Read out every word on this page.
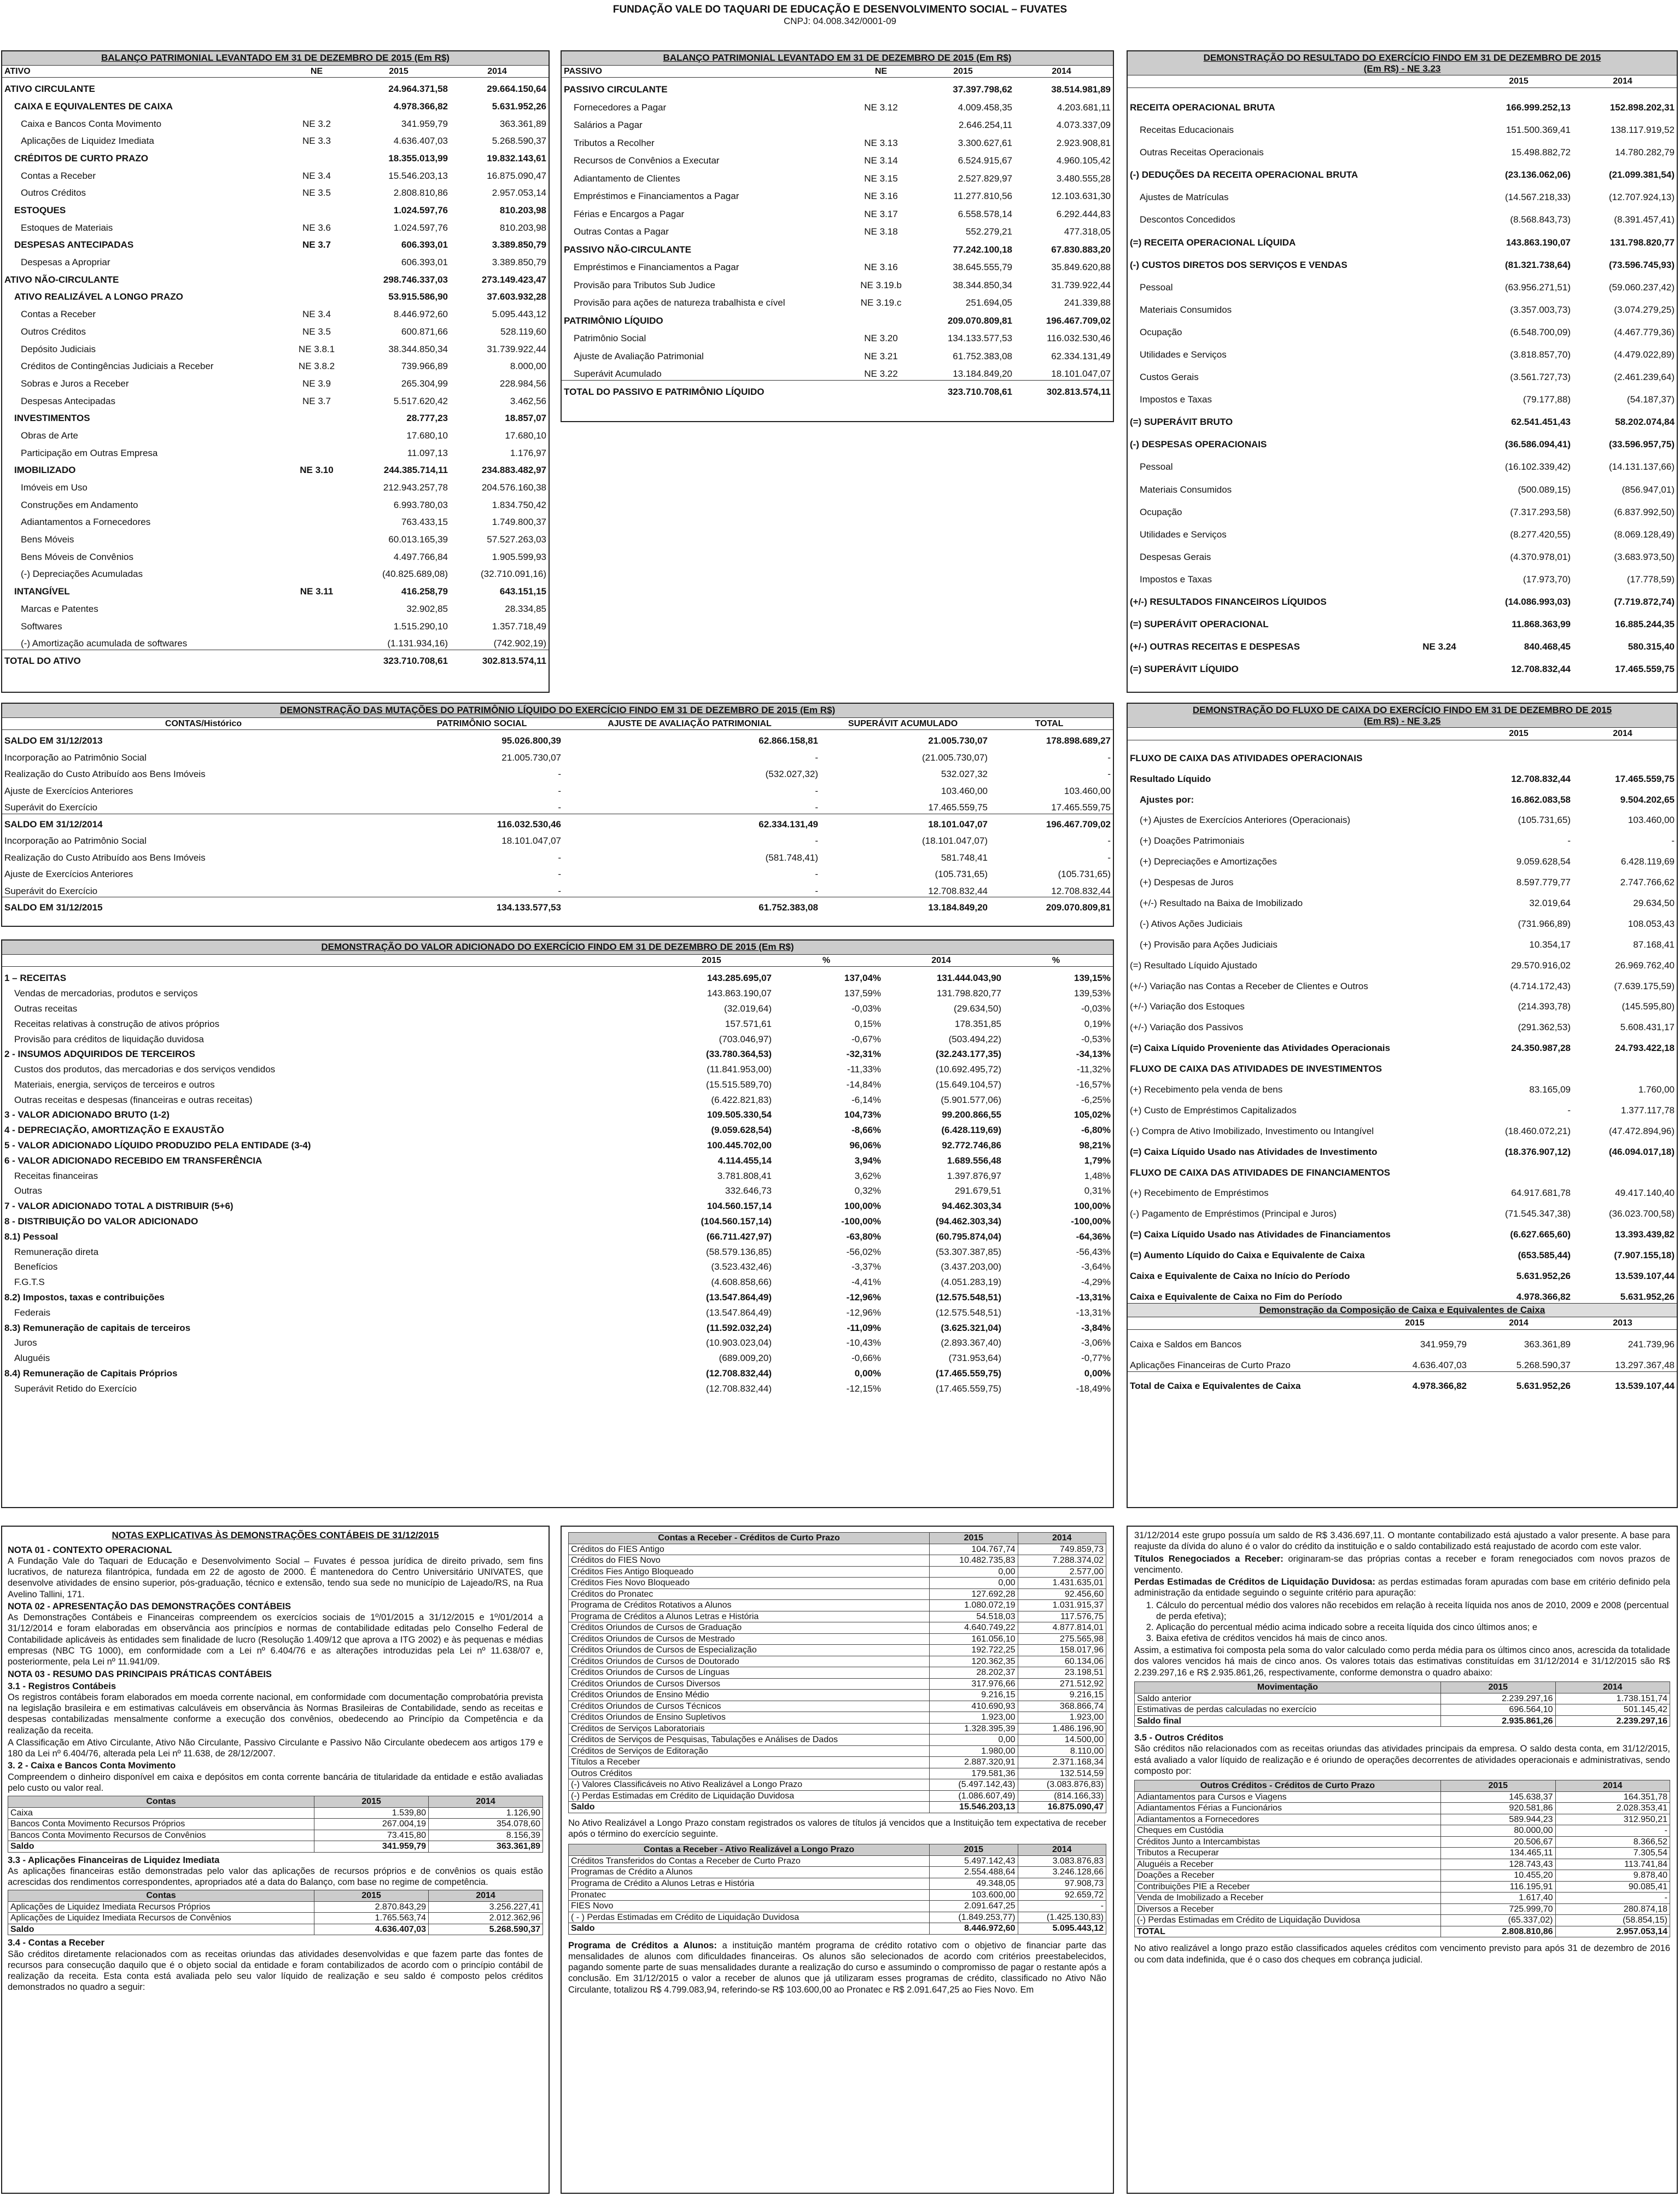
FUNDAÇÃO VALE DO TAQUARI DE EDUCAÇÃO E DESENVOLVIMENTO SOCIAL – FUVATES
CNPJ: 04.008.342/0001-09
BALANÇO PATRIMONIAL LEVANTADO EM 31 DE DEZEMBRO DE 2015 (Em R$)
ATIVO	NE	2015	2014
ATIVO CIRCULANTE	24.964.371,58	29.664.150,64
CAIXA E EQUIVALENTES DE CAIXA	4.978.366,82	5.631.952,26
Caixa e Bancos Conta Movimento	NE 3.2	341.959,79	363.361,89
Aplicações de Liquidez Imediata	NE 3.3	4.636.407,03	5.268.590,37
CRÉDITOS DE CURTO PRAZO	18.355.013,99	19.832.143,61
Contas a Receber	NE 3.4	15.546.203,13	16.875.090,47
Outros Créditos	NE 3.5	2.808.810,86	2.957.053,14
ESTOQUES	1.024.597,76	810.203,98
Estoques de Materiais	NE 3.6	1.024.597,76	810.203,98
DESPESAS ANTECIPADAS	NE 3.7	606.393,01	3.389.850,79
Despesas a Apropriar	606.393,01	3.389.850,79
ATIVO NÃO-CIRCULANTE	298.746.337,03	273.149.423,47
ATIVO REALIZÁVEL A LONGO PRAZO	53.915.586,90	37.603.932,28
Contas a Receber	NE 3.4	8.446.972,60	5.095.443,12
Outros Créditos	NE 3.5	600.871,66	528.119,60
Depósito Judiciais	NE 3.8.1	38.344.850,34	31.739.922,44
Créditos de Contingências Judiciais a Receber	NE 3.8.2	739.966,89	8.000,00
Sobras e Juros a Receber	NE 3.9	265.304,99	228.984,56
Despesas Antecipadas	NE 3.7	5.517.620,42	3.462,56
INVESTIMENTOS	28.777,23	18.857,07
Obras de Arte	17.680,10	17.680,10
Participação em Outras Empresa	11.097,13	1.176,97
IMOBILIZADO	NE 3.10	244.385.714,11	234.883.482,97
Imóveis em Uso	212.943.257,78	204.576.160,38
Construções em Andamento	6.993.780,03	1.834.750,42
Adiantamentos a Fornecedores	763.433,15	1.749.800,37
Bens Móveis	60.013.165,39	57.527.263,03
Bens Móveis de Convênios	4.497.766,84	1.905.599,93
(-) Depreciações Acumuladas	(40.825.689,08)	(32.710.091,16)
INTANGÍVEL	NE 3.11	416.258,79	643.151,15
Marcas e Patentes	32.902,85	28.334,85
Softwares	1.515.290,10	1.357.718,49
(-) Amortização acumulada de softwares	(1.131.934,16)	(742.902,19)
TOTAL DO ATIVO	323.710.708,61	302.813.574,11
BALANÇO PATRIMONIAL LEVANTADO EM 31 DE DEZEMBRO DE 2015 (Em R$)
PASSIVO	NE	2015	2014
PASSIVO CIRCULANTE	37.397.798,62	38.514.981,89
Fornecedores a Pagar	NE 3.12	4.009.458,35	4.203.681,11
Salários a Pagar	2.646.254,11	4.073.337,09
Tributos a Recolher	NE 3.13	3.300.627,61	2.923.908,81
Recursos de Convênios a Executar	NE 3.14	6.524.915,67	4.960.105,42
Adiantamento de Clientes	NE 3.15	2.527.829,97	3.480.555,28
Empréstimos e Financiamentos a Pagar	NE 3.16	11.277.810,56	12.103.631,30
Férias e Encargos a Pagar	NE 3.17	6.558.578,14	6.292.444,83
Outras Contas a Pagar	NE 3.18	552.279,21	477.318,05
PASSIVO NÃO-CIRCULANTE	77.242.100,18	67.830.883,20
Empréstimos e Financiamentos a Pagar	NE 3.16	38.645.555,79	35.849.620,88
Provisão para Tributos Sub Judice	NE 3.19.b	38.344.850,34	31.739.922,44
Provisão para ações de natureza trabalhista e cível	NE 3.19.c	251.694,05	241.339,88
PATRIMÔNIO LÍQUIDO	209.070.809,81	196.467.709,02
Patrimônio Social	NE 3.20	134.133.577,53	116.032.530,46
Ajuste de Avaliação Patrimonial	NE 3.21	61.752.383,08	62.334.131,49
Superávit Acumulado	NE 3.22	13.184.849,20	18.101.047,07
TOTAL DO PASSIVO E PATRIMÔNIO LÍQUIDO	323.710.708,61	302.813.574,11
DEMONSTRAÇÃO DO RESULTADO DO EXERCÍCIO FINDO EM 31 DE DEZEMBRO DE 2015
(Em R$) - NE 3.23
2015	2014
RECEITA OPERACIONAL BRUTA	166.999.252,13	152.898.202,31
Receitas Educacionais	151.500.369,41	138.117.919,52
Outras Receitas Operacionais	15.498.882,72	14.780.282,79
(-) DEDUÇÕES DA RECEITA OPERACIONAL BRUTA	(23.136.062,06)	(21.099.381,54)
Ajustes de Matrículas	(14.567.218,33)	(12.707.924,13)
Descontos Concedidos	(8.568.843,73)	(8.391.457,41)
(=) RECEITA OPERACIONAL LÍQUIDA	143.863.190,07	131.798.820,77
(-) CUSTOS DIRETOS DOS SERVIÇOS E VENDAS	(81.321.738,64)	(73.596.745,93)
Pessoal	(63.956.271,51)	(59.060.237,42)
Materiais Consumidos	(3.357.003,73)	(3.074.279,25)
Ocupação	(6.548.700,09)	(4.467.779,36)
Utilidades e Serviços	(3.818.857,70)	(4.479.022,89)
Custos Gerais	(3.561.727,73)	(2.461.239,64)
Impostos e Taxas	(79.177,88)	(54.187,37)
(=) SUPERÁVIT BRUTO	62.541.451,43	58.202.074,84
(-) DESPESAS OPERACIONAIS	(36.586.094,41)	(33.596.957,75)
Pessoal	(16.102.339,42)	(14.131.137,66)
Materiais Consumidos	(500.089,15)	(856.947,01)
Ocupação	(7.317.293,58)	(6.837.992,50)
Utilidades e Serviços	(8.277.420,55)	(8.069.128,49)
Despesas Gerais	(4.370.978,01)	(3.683.973,50)
Impostos e Taxas	(17.973,70)	(17.778,59)
(+/-) RESULTADOS FINANCEIROS LÍQUIDOS	(14.086.993,03)	(7.719.872,74)
(=) SUPERÁVIT OPERACIONAL	11.868.363,99	16.885.244,35
(+/-) OUTRAS RECEITAS E DESPESAS	NE 3.24	840.468,45	580.315,40
(=) SUPERÁVIT LÍQUIDO	12.708.832,44	17.465.559,75
DEMONSTRAÇÃO DAS MUTAÇÕES DO PATRIMÔNIO LÍQUIDO DO EXERCÍCIO FINDO EM 31 DE DEZEMBRO DE 2015 (Em R$)
CONTAS/Histórico	PATRIMÔNIO SOCIAL	AJUSTE DE AVALIAÇÃO PATRIMONIAL	SUPERÁVIT ACUMULADO	TOTAL
SALDO EM 31/12/2013	95.026.800,39	62.866.158,81	21.005.730,07	178.898.689,27
Incorporação ao Patrimônio Social	21.005.730,07	-	(21.005.730,07)	-
Realização do Custo Atribuído aos Bens Imóveis	-	(532.027,32)	532.027,32	-
Ajuste de Exercícios Anteriores	-	-	103.460,00	103.460,00
Superávit do Exercício	-	-	17.465.559,75	17.465.559,75
SALDO EM 31/12/2014	116.032.530,46	62.334.131,49	18.101.047,07	196.467.709,02
Incorporação ao Patrimônio Social	18.101.047,07	-	(18.101.047,07)	-
Realização do Custo Atribuído aos Bens Imóveis	-	(581.748,41)	581.748,41	-
Ajuste de Exercícios Anteriores	-	-	(105.731,65)	(105.731,65)
Superávit do Exercício	-	-	12.708.832,44	12.708.832,44
SALDO EM 31/12/2015	134.133.577,53	61.752.383,08	13.184.849,20	209.070.809,81
DEMONSTRAÇÃO DO VALOR ADICIONADO DO EXERCÍCIO FINDO EM 31 DE DEZEMBRO DE 2015 (Em R$)
2015	%	2014	%
1 – RECEITAS	143.285.695,07	137,04%	131.444.043,90	139,15%
Vendas de mercadorias, produtos e serviços	143.863.190,07	137,59%	131.798.820,77	139,53%
Outras receitas	(32.019,64)	-0,03%	(29.634,50)	-0,03%
Receitas relativas à construção de ativos próprios	157.571,61	0,15%	178.351,85	0,19%
Provisão para créditos de liquidação duvidosa	(703.046,97)	-0,67%	(503.494,22)	-0,53%
2 - INSUMOS ADQUIRIDOS DE TERCEIROS	(33.780.364,53)	-32,31%	(32.243.177,35)	-34,13%
Custos dos produtos, das mercadorias e dos serviços vendidos	(11.841.953,00)	-11,33%	(10.692.495,72)	-11,32%
Materiais, energia, serviços de terceiros e outros	(15.515.589,70)	-14,84%	(15.649.104,57)	-16,57%
Outras receitas e despesas (financeiras e outras receitas)	(6.422.821,83)	-6,14%	(5.901.577,06)	-6,25%
3 - VALOR ADICIONADO BRUTO (1-2)	109.505.330,54	104,73%	99.200.866,55	105,02%
4 - DEPRECIAÇÃO, AMORTIZAÇÃO E EXAUSTÃO	(9.059.628,54)	-8,66%	(6.428.119,69)	-6,80%
5 - VALOR ADICIONADO LÍQUIDO PRODUZIDO PELA ENTIDADE (3-4)	100.445.702,00	96,06%	92.772.746,86	98,21%
6 - VALOR ADICIONADO RECEBIDO EM TRANSFERÊNCIA	4.114.455,14	3,94%	1.689.556,48	1,79%
Receitas financeiras	3.781.808,41	3,62%	1.397.876,97	1,48%
Outras	332.646,73	0,32%	291.679,51	0,31%
7 - VALOR ADICIONADO TOTAL A DISTRIBUIR (5+6)	104.560.157,14	100,00%	94.462.303,34	100,00%
8 - DISTRIBUIÇÃO DO VALOR ADICIONADO	(104.560.157,14)	-100,00%	(94.462.303,34)	-100,00%
8.1) Pessoal	(66.711.427,97)	-63,80%	(60.795.874,04)	-64,36%
Remuneração direta	(58.579.136,85)	-56,02%	(53.307.387,85)	-56,43%
Benefícios	(3.523.432,46)	-3,37%	(3.437.203,00)	-3,64%
F.G.T.S	(4.608.858,66)	-4,41%	(4.051.283,19)	-4,29%
8.2) Impostos, taxas e contribuições	(13.547.864,49)	-12,96%	(12.575.548,51)	-13,31%
Federais	(13.547.864,49)	-12,96%	(12.575.548,51)	-13,31%
8.3) Remuneração de capitais de terceiros	(11.592.032,24)	-11,09%	(3.625.321,04)	-3,84%
Juros	(10.903.023,04)	-10,43%	(2.893.367,40)	-3,06%
Aluguéis	(689.009,20)	-0,66%	(731.953,64)	-0,77%
8.4) Remuneração de Capitais Próprios	(12.708.832,44)	0,00%	(17.465.559,75)	0,00%
Superávit Retido do Exercício	(12.708.832,44)	-12,15%	(17.465.559,75)	-18,49%
DEMONSTRAÇÃO DO FLUXO DE CAIXA DO EXERCÍCIO FINDO EM 31 DE DEZEMBRO DE 2015
(Em R$) - NE 3.25
2015	2014
FLUXO DE CAIXA DAS ATIVIDADES OPERACIONAIS
Resultado Líquido	12.708.832,44	17.465.559,75
Ajustes por:	16.862.083,58	9.504.202,65
(+) Ajustes de Exercícios Anteriores (Operacionais)	(105.731,65)	103.460,00
(+) Doações Patrimoniais	-	-
(+) Depreciações e Amortizações	9.059.628,54	6.428.119,69
(+) Despesas de Juros	8.597.779,77	2.747.766,62
(+/-) Resultado na Baixa de Imobilizado	32.019,64	29.634,50
(-) Ativos Ações Judiciais	(731.966,89)	108.053,43
(+) Provisão para Ações Judiciais	10.354,17	87.168,41
(=) Resultado Líquido Ajustado	29.570.916,02	26.969.762,40
(+/-) Variação nas Contas a Receber de Clientes e Outros	(4.714.172,43)	(7.639.175,59)
(+/-) Variação dos Estoques	(214.393,78)	(145.595,80)
(+/-) Variação dos Passivos	(291.362,53)	5.608.431,17
(=) Caixa Líquido Proveniente das Atividades Operacionais	24.350.987,28	24.793.422,18
FLUXO DE CAIXA DAS ATIVIDADES DE INVESTIMENTOS
(+) Recebimento pela venda de bens	83.165,09	1.760,00
(+) Custo de Empréstimos Capitalizados	-	1.377.117,78
(-) Compra de Ativo Imobilizado, Investimento ou Intangível	(18.460.072,21)	(47.472.894,96)
(=) Caixa Líquido Usado nas Atividades de Investimento	(18.376.907,12)	(46.094.017,18)
FLUXO DE CAIXA DAS ATIVIDADES DE FINANCIAMENTOS
(+) Recebimento de Empréstimos	64.917.681,78	49.417.140,40
(-) Pagamento de Empréstimos (Principal e Juros)	(71.545.347,38)	(36.023.700,58)
(=) Caixa Líquido Usado nas Atividades de Financiamentos	(6.627.665,60)	13.393.439,82
(=) Aumento Líquido do Caixa e Equivalente de Caixa	(653.585,44)	(7.907.155,18)
Caixa e Equivalente de Caixa no Início do Período	5.631.952,26	13.539.107,44
Caixa e Equivalente de Caixa no Fim do Período	4.978.366,82	5.631.952,26
Demonstração da Composição de Caixa e Equivalentes de Caixa
2015	2014	2013
Caixa e Saldos em Bancos	341.959,79	363.361,89	241.739,96
Aplicações Financeiras de Curto Prazo	4.636.407,03	5.268.590,37	13.297.367,48
Total de Caixa e Equivalentes de Caixa	4.978.366,82	5.631.952,26	13.539.107,44
NOTAS EXPLICATIVAS ÀS DEMONSTRAÇÕES CONTÁBEIS DE 31/12/2015
NOTA 01 - CONTEXTO OPERACIONAL

A Fundação Vale do Taquari de Educação e Desenvolvimento Social – Fuvates é pessoa jurídica de direito privado, sem fins lucrativos, de natureza filantrópica, fundada em 22 de agosto de 2000. É mantenedora do Centro Universitário UNIVATES, que desenvolve atividades de ensino superior, pós-graduação, técnico e extensão, tendo sua sede no município de Lajeado/RS, na Rua Avelino Tallini, 171.

NOTA 02 - APRESENTAÇÃO DAS DEMONSTRAÇÕES CONTÁBEIS

As Demonstrações Contábeis e Financeiras compreendem os exercícios sociais de 1º/01/2015 a 31/12/2015 e 1º/01/2014 a 31/12/2014 e foram elaboradas em observância aos princípios e normas de contabilidade editadas pelo Conselho Federal de Contabilidade aplicáveis às entidades sem finalidade de lucro (Resolução 1.409/12 que aprova a ITG 2002) e às pequenas e médias empresas (NBC TG 1000), em conformidade com a Lei nº 6.404/76 e as alterações introduzidas pela Lei nº 11.638/07 e, posteriormente, pela Lei nº 11.941/09.

NOTA 03 - RESUMO DAS PRINCIPAIS PRÁTICAS CONTÁBEIS
3.1 - Registros Contábeis

Os registros contábeis foram elaborados em moeda corrente nacional, em conformidade com documentação comprobatória prevista na legislação brasileira e em estimativas calculáveis em observância às Normas Brasileiras de Contabilidade, sendo as receitas e despesas contabilizadas mensalmente conforme a execução dos convênios, obedecendo ao Princípio da Competência e da realização da receita.

A Classificação em Ativo Circulante, Ativo Não Circulante, Passivo Circulante e Passivo Não Circulante obedecem aos artigos 179 e 180 da Lei nº 6.404/76, alterada pela Lei nº 11.638, de 28/12/2007.

3. 2 - Caixa e Bancos Conta Movimento

Compreendem o dinheiro disponível em caixa e depósitos em conta corrente bancária de titularidade da entidade e estão avaliadas pelo custo ou valor real.

Contas	2015	2014
Caixa	1.539,80	1.126,90
Bancos Conta Movimento Recursos Próprios	267.004,19	354.078,60
Bancos Conta Movimento Recursos de Convênios	73.415,80	8.156,39
Saldo	341.959,79	363.361,89
3.3 - Aplicações Financeiras de Liquidez Imediata

As aplicações financeiras estão demonstradas pelo valor das aplicações de recursos próprios e de convênios os quais estão acrescidas dos rendimentos correspondentes, apropriados até a data do Balanço, com base no regime de competência.

Contas	2015	2014
Aplicações de Liquidez Imediata Recursos Próprios	2.870.843,29	3.256.227,41
Aplicações de Liquidez Imediata Recursos de Convênios	1.765.563,74	2.012.362,96
Saldo	4.636.407,03	5.268.590,37
3.4 - Contas a Receber

São créditos diretamente relacionados com as receitas oriundas das atividades desenvolvidas e que fazem parte das fontes de recursos para consecução daquilo que é o objeto social da entidade e foram contabilizados de acordo com o princípio contábil de realização da receita. Esta conta está avaliada pelo seu valor líquido de realização e seu saldo é composto pelos créditos demonstrados no quadro a seguir:

Contas a Receber - Créditos de Curto Prazo	2015	2014
Créditos do FIES Antigo	104.767,74	749.859,73
Créditos do FIES Novo	10.482.735,83	7.288.374,02
Créditos Fies Antigo Bloqueado	0,00	2.577,00
Créditos Fies Novo Bloqueado	0,00	1.431.635,01
Créditos do Pronatec	127.692,28	92.456,60
Programa de Créditos Rotativos a Alunos	1.080.072,19	1.031.915,37
Programa de Créditos a Alunos Letras e História	54.518,03	117.576,75
Créditos Oriundos de Cursos de Graduação	4.640.749,22	4.877.814,01
Créditos Oriundos de Cursos de Mestrado	161.056,10	275.565,98
Créditos Oriundos de Cursos de Especialização	192.722,25	158.017,96
Créditos Oriundos de Cursos de Doutorado	120.362,35	60.134,06
Créditos Oriundos de Cursos de Línguas	28.202,37	23.198,51
Créditos Oriundos de Cursos Diversos	317.976,66	271.512,92
Créditos Oriundos de Ensino Médio	9.216,15	9.216,15
Créditos Oriundos de Cursos Técnicos	410.690,93	368.866,74
Créditos Oriundos de Ensino Supletivos	1.923,00	1.923,00
Créditos de Serviços Laboratoriais	1.328.395,39	1.486.196,90
Créditos de Serviços de Pesquisas, Tabulações e Análises de Dados	0,00	14.500,00
Créditos de Serviços de Editoração	1.980,00	8.110,00
Títulos a Receber	2.887.320,91	2.371.168,34
Outros Créditos	179.581,36	132.514,59
(-) Valores Classificáveis no Ativo Realizável a Longo Prazo	(5.497.142,43)	(3.083.876,83)
(-) Perdas Estimadas em Crédito de Liquidação Duvidosa	(1.086.607,49)	(814.166,33)
Saldo	15.546.203,13	16.875.090,47

No Ativo Realizável a Longo Prazo constam registrados os valores de títulos já vencidos que a Instituição tem expectativa de receber após o término do exercício seguinte.

Contas a Receber - Ativo Realizável a Longo Prazo	2015	2014
Créditos Transferidos do Contas a Receber de Curto Prazo	5.497.142,43	3.083.876,83
Programas de Crédito a Alunos	2.554.488,64	3.246.128,66
Programa de Crédito a Alunos Letras e História	49.348,05	97.908,73
Pronatec	103.600,00	92.659,72
FIES Novo	2.091.647,25	-
( - ) Perdas Estimadas em Crédito de Liquidação Duvidosa	(1.849.253,77)	(1.425.130,83)
Saldo	8.446.972,60	5.095.443,12

Programa de Créditos a Alunos: a instituição mantém programa de crédito rotativo com o objetivo de financiar parte das mensalidades de alunos com dificuldades financeiras. Os alunos são selecionados de acordo com critérios preestabelecidos, pagando somente parte de suas mensalidades durante a realização do curso e assumindo o compromisso de pagar o restante após a conclusão. Em 31/12/2015 o valor a receber de alunos que já utilizaram esses programas de crédito, classificado no Ativo Não Circulante, totalizou R$ 4.799.083,94, referindo-se R$ 103.600,00 ao Pronatec e R$ 2.091.647,25 ao Fies Novo. Em

31/12/2014 este grupo possuía um saldo de R$ 3.436.697,11. O montante contabilizado está ajustado a valor presente. A base para reajuste da dívida do aluno é o valor do crédito da instituição e o saldo contabilizado está reajustado de acordo com este valor.

Títulos Renegociados a Receber: originaram-se das próprias contas a receber e foram renegociados com novos prazos de vencimento.

Perdas Estimadas de Créditos de Liquidação Duvidosa: as perdas estimadas foram apuradas com base em critério definido pela administração da entidade seguindo o seguinte critério para apuração:

1. Cálculo do percentual médio dos valores não recebidos em relação à receita líquida nos anos de 2010, 2009 e 2008 (percentual de perda efetiva);
2. Aplicação do percentual médio acima indicado sobre a receita líquida dos cinco últimos anos; e
3. Baixa efetiva de créditos vencidos há mais de cinco anos.

Assim, a estimativa foi composta pela soma do valor calculado como perda média para os últimos cinco anos, acrescida da totalidade dos valores vencidos há mais de cinco anos. Os valores totais das estimativas constituídas em 31/12/2014 e 31/12/2015 são R$ 2.239.297,16 e R$ 2.935.861,26, respectivamente, conforme demonstra o quadro abaixo:

Movimentação	2015	2014
Saldo anterior	2.239.297,16	1.738.151,74
Estimativas de perdas calculadas no exercício	696.564,10	501.145,42
Saldo final	2.935.861,26	2.239.297,16
3.5 - Outros Créditos

São créditos não relacionados com as receitas oriundas das atividades principais da empresa. O saldo desta conta, em 31/12/2015, está avaliado a valor líquido de realização e é oriundo de operações decorrentes de atividades operacionais e administrativas, sendo composto por:

Outros Créditos - Créditos de Curto Prazo	2015	2014
Adiantamentos para Cursos e Viagens	145.638,37	164.351,78
Adiantamentos Férias a Funcionários	920.581,86	2.028.353,41
Adiantamentos a Fornecedores	589.944,23	312.950,21
Cheques em Custódia	80.000,00	-
Créditos Junto a Intercambistas	20.506,67	8.366,52
Tributos a Recuperar	134.465,11	7.305,54
Aluguéis a Receber	128.743,43	113.741,84
Doações a Receber	10.455,20	9.878,40
Contribuições PIE a Receber	116.195,91	90.085,41
Venda de Imobilizado a Receber	1.617,40	-
Diversos a Receber	725.999,70	280.874,18
(-) Perdas Estimadas em Crédito de Liquidação Duvidosa	(65.337,02)	(58.854,15)
TOTAL	2.808.810,86	2.957.053,14

No ativo realizável a longo prazo estão classificados aqueles créditos com vencimento previsto para após 31 de dezembro de 2016 ou com data indefinida, que é o caso dos cheques em cobrança judicial.
